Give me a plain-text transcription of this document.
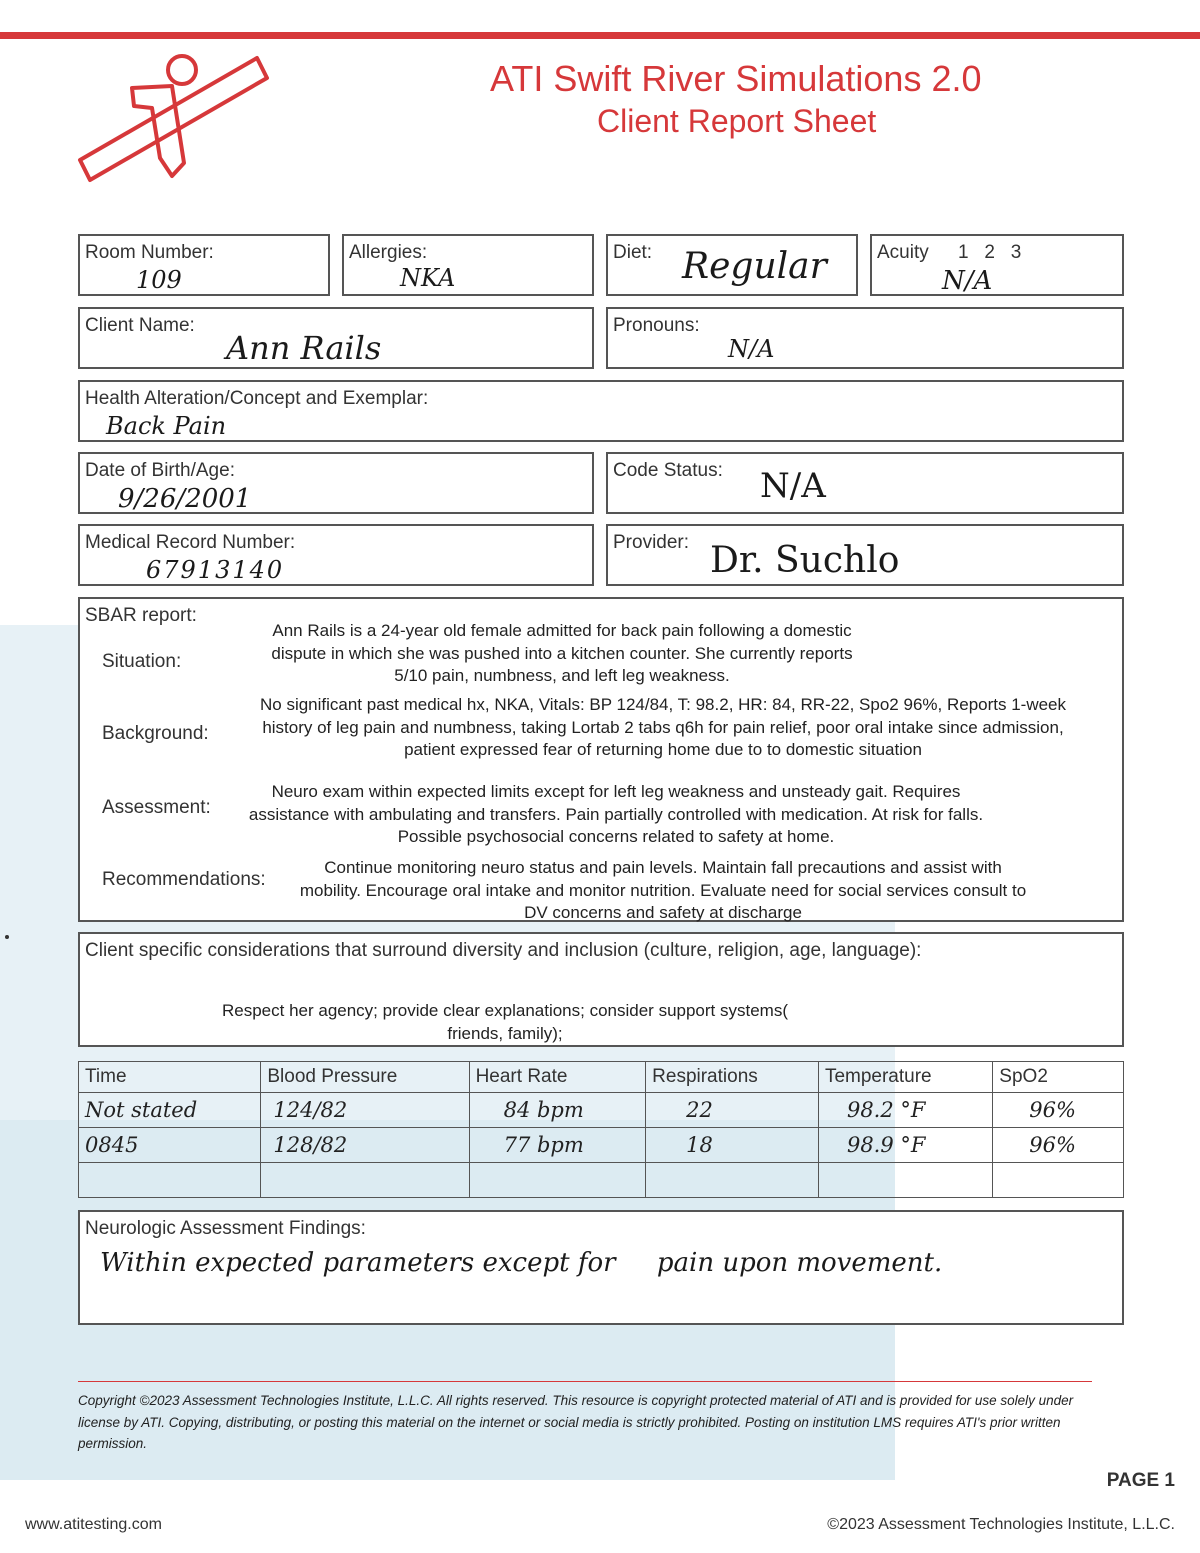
ATI Swift River Simulations 2.0
Client Report Sheet
Room Number:
109
Allergies:
NKA
Diet: Regular	Acuity 1   2   3
N/A
Client Name:
Ann Rails
Pronouns:
N/A
Health Alteration/Concept and Exemplar:
Back Pain
Date of Birth/Age:
9/26/2001
Code Status: N/A
Medical Record Number:
67913140
Provider: Dr. Suchlo
SBAR report:
Situation:
Ann Rails is a 24-year old female admitted for back pain following a domestic dispute in which she was pushed into a kitchen counter. She currently reports 5/10 pain, numbness, and left leg weakness.
Background:
No significant past medical hx, NKA, Vitals: BP 124/84, T: 98.2, HR: 84, RR-22, Spo2 96%, Reports 1-week history of leg pain and numbness, taking Lortab 2 tabs q6h for pain relief, poor oral intake since admission, patient expressed fear of returning home due to to domestic situation
Assessment:
Neuro exam within expected limits except for left leg weakness and unsteady gait. Requires assistance with ambulating and transfers. Pain partially controlled with medication. At risk for falls. Possible psychosocial concerns related to safety at home.
Recommendations:
Continue monitoring neuro status and pain levels. Maintain fall precautions and assist with mobility. Encourage oral intake and monitor nutrition. Evaluate need for social services consult to DV concerns and safety at discharge
Client specific considerations that surround diversity and inclusion (culture, religion, age, language):
Respect her agency; provide clear explanations; consider support systems( friends, family);
Time	Blood Pressure	Heart Rate	Respirations	Temperature	SpO2
Not stated	124/82	84 bpm	22	98.2 °F	96%
0845	128/82	77 bpm	18	98.9 °F	96%

Neurologic Assessment Findings:
Within expected parameters except for     pain upon movement.
Copyright ©2023 Assessment Technologies Institute, L.L.C. All rights reserved. This resource is copyright protected material of ATI and is provided for use solely under license by ATI. Copying, distributing, or posting this material on the internet or social media is strictly prohibited. Posting on institution LMS requires ATI's prior written permission.
PAGE 1
www.atitesting.com	©2023 Assessment Technologies Institute, L.L.C.
